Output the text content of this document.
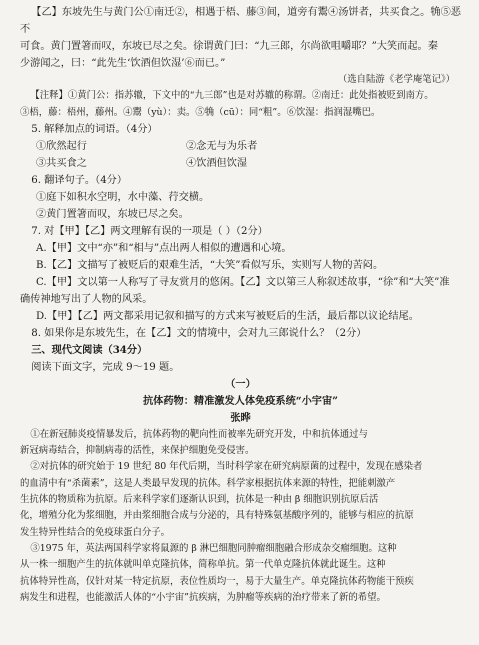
【乙】东坡先生与黄门公①南迁②，相遇于梧、藤③间，道旁有鬻④汤饼者，共买食之。觕⑤恶不

可食。黄门置箸而叹，东坡已尽之矣。徐谓黄门曰：“九三郎，尔尚欲咀嚼耶？”大笑而起。秦

少游闻之，曰：“此先生‘饮酒但饮湿’⑥而已。”

（选自陆游《老学庵笔记》）

【注释】①黄门公：指苏辙，下文中的“九三郎”也是对苏辙的称谓。②南迁：此处指被贬到南方。

③梧，藤：梧州，藤州。④鬻（yù）：卖。⑤觕（cū）：同“粗”。⑥饮湿：指润湿嘴巴。

5. 解释加点的词语。（4分）

①欣然起行	②念无与为乐者

③共买食之	④饮酒但饮湿

6. 翻译句子。（4分）

①庭下如积水空明，水中藻、荇交横。

②黄门置箸而叹，东坡已尽之矣。

7. 对【甲】【乙】两文理解有误的一项是（ ）（2分）

A.【甲】文中“亦”和“相与”点出两人相似的遭遇和心境。

B.【乙】文描写了被贬后的艰难生活，“大笑”看似写乐，实则写人物的苦闷。

C.【甲】文以第一人称写了寻友赏月的悠闲。【乙】文以第三人称叙述故事，“徐”和“大笑”准

确传神地写出了人物的风采。

D.【甲】【乙】两文都采用记叙和描写的方式来写被贬后的生活，最后都以议论结尾。

8. 如果你是东坡先生，在【乙】文的情境中，会对九三郎说什么？（2分）

三、现代文阅读（34分）

阅读下面文字，完成 9～19 题。

（一）

抗体药物：精准激发人体免疫系统“小宇宙”

张晔

①在新冠肺炎疫情暴发后，抗体药物的靶向性而被率先研究开发，中和抗体通过与

新冠病毒结合，抑制病毒的活性，来保护细胞免受侵害。

②对抗体的研究始于 19 世纪 80 年代后期，当时科学家在研究病原菌的过程中，发现在感染者

的血清中有“杀菌素”，这是人类最早发现的抗体。科学家根据抗体来源的特性，把能刺激产

生抗体的物质称为抗原。后来科学家们逐渐认识到，抗体是一种由 β 细胞识别抗原后活

化，增殖分化为浆细胞，并由浆细胞合成与分泌的，具有特殊氨基酸序列的，能够与相应的抗原

发生特异性结合的免疫球蛋白分子。

③1975 年，英法两国科学家将鼠源的 β 淋巴细胞同肿瘤细胞融合形成杂交瘤细胞。这种

从一株一细胞产生的抗体就叫单克隆抗体，简称单抗。第一代单克隆抗体就此诞生。这种

抗体特异性高，仅针对某一特定抗原，表位性质均一，易于大量生产。单克隆抗体药物能干预疾

病发生和进程，也能激活人体的“小宇宙”抗疾病，为肿瘤等疾病的治疗带来了新的希望。
